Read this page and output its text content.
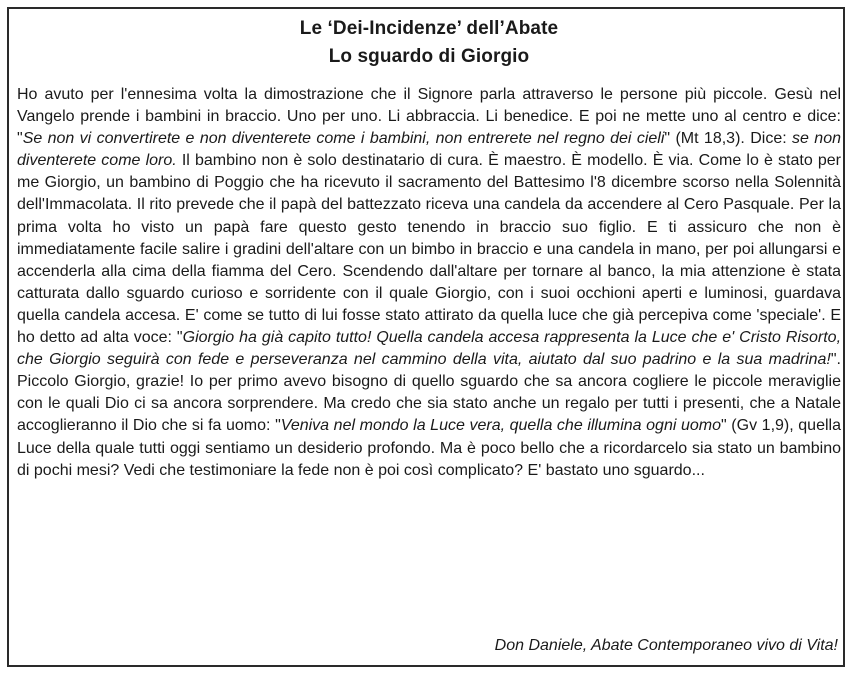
Le ‘Dei-Incidenze’ dell’Abate
Lo sguardo di Giorgio

Ho avuto per l'ennesima volta la dimostrazione che il Signore parla attraverso le persone più piccole. Gesù nel Vangelo prende i bambini in braccio. Uno per uno. Li abbraccia. Li benedice. E poi ne mette uno al centro e dice: "Se non vi convertirete e non diventerete come i bambini, non entrerete nel regno dei cieli" (Mt 18,3). Dice: se non diventerete come loro. Il bambino non è solo destinatario di cura. È maestro. È modello. È via. Come lo è stato per me Giorgio, un bambino di Poggio che ha ricevuto il sacramento del Battesimo l'8 dicembre scorso nella Solennità dell'Immacolata. Il rito prevede che il papà del battezzato riceva una candela da accendere al Cero Pasquale. Per la prima volta ho visto un papà fare questo gesto tenendo in braccio suo figlio. E ti assicuro che non è immediatamente facile salire i gradini dell'altare con un bimbo in braccio e una candela in mano, per poi allungarsi e accenderla alla cima della fiamma del Cero. Scendendo dall'altare per tornare al banco, la mia attenzione è stata catturata dallo sguardo curioso e sorridente con il quale Giorgio, con i suoi occhioni aperti e luminosi, guardava quella candela accesa. E' come se tutto di lui fosse stato attirato da quella luce che già percepiva come 'speciale'. E ho detto ad alta voce: "Giorgio ha già capito tutto! Quella candela accesa rappresenta la Luce che e' Cristo Risorto, che Giorgio seguirà con fede e perseveranza nel cammino della vita, aiutato dal suo padrino e la sua madrina!". Piccolo Giorgio, grazie! Io per primo avevo bisogno di quello sguardo che sa ancora cogliere le piccole meraviglie con le quali Dio ci sa ancora sorprendere. Ma credo che sia stato anche un regalo per tutti i presenti, che a Natale accoglieranno il Dio che si fa uomo: "Veniva nel mondo la Luce vera, quella che illumina ogni uomo" (Gv 1,9), quella Luce della quale tutti oggi sentiamo un desiderio profondo. Ma è poco bello che a ricordarcelo sia stato un bambino di pochi mesi? Vedi che testimoniare la fede non è poi così complicato? E' bastato uno sguardo...

Don Daniele, Abate Contemporaneo vivo di Vita!
